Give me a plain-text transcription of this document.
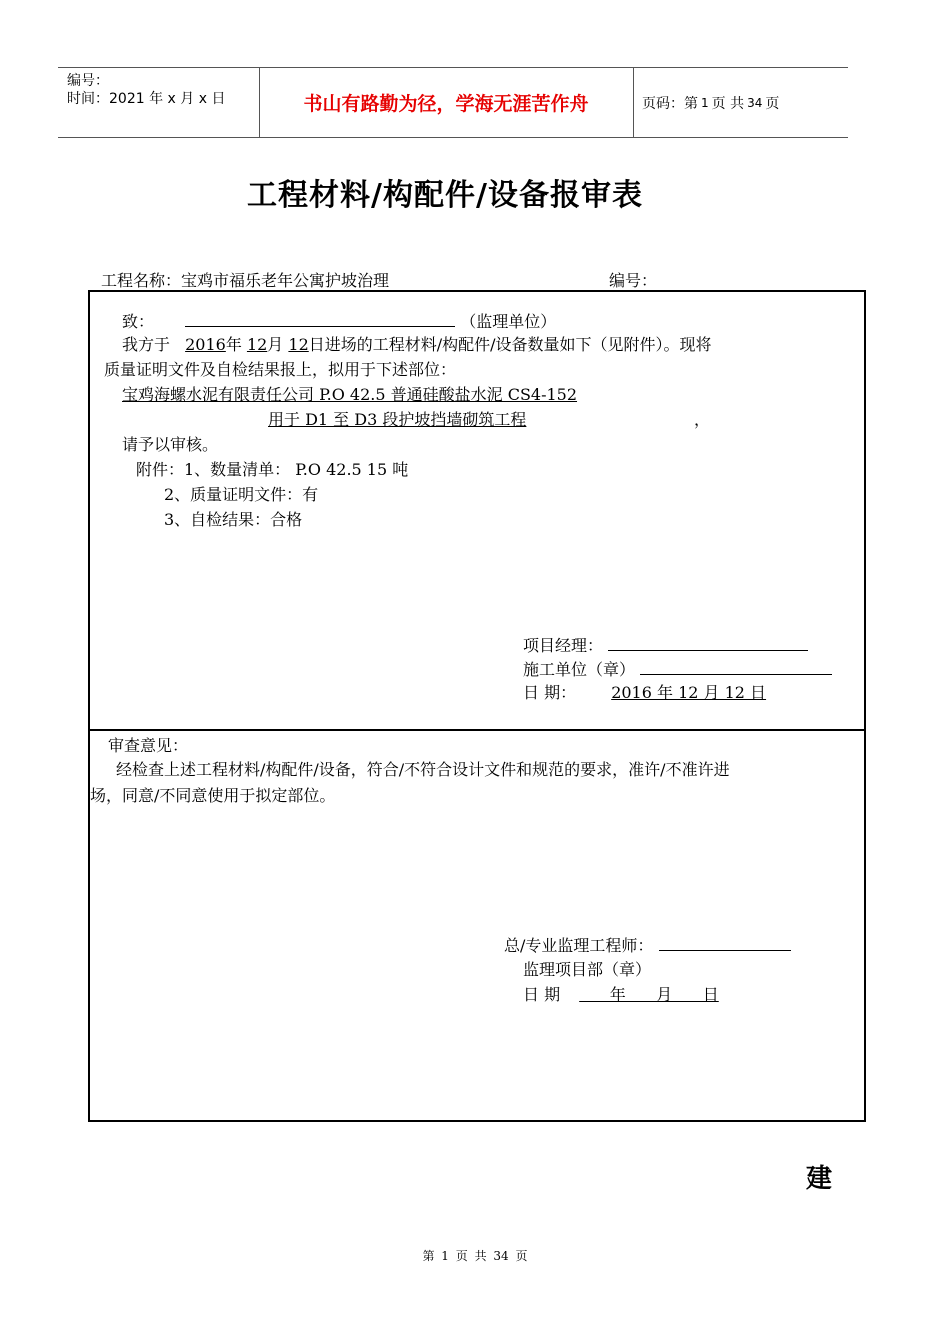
编号：
时间：2021 年 x 月 x 日	书山有路勤为径，学海无涯苦作舟	页码：第 1 页 共 34 页
工程材料/构配件/设备报审表
工程名称：宝鸡市福乐老年公寓护坡治理	编号：
致：	（监理单位）
我方于 2016年 12月 12日进场的工程材料/构配件/设备数量如下（见附件）。现将
质量证明文件及自检结果报上，拟用于下述部位：
宝鸡海螺水泥有限责任公司 P.O 42.5 普通硅酸盐水泥 CS4-152
用于 D1 至 D3 段护坡挡墙砌筑工程	，
请予以审核。
附件：1、数量清单： P.O 42.5 15 吨
2、质量证明文件：有
3、自检结果：合格
项目经理：
施工单位（章）
日 期： 2016 年 12 月 12 日
审查意见：
经检查上述工程材料/构配件/设备，符合/不符合设计文件和规范的要求，准许/不准许进
场，同意/不同意使用于拟定部位。
总/专业监理工程师：
监理项目部（章）
日 期       年      月      日
建
第 1 页 共 34 页
